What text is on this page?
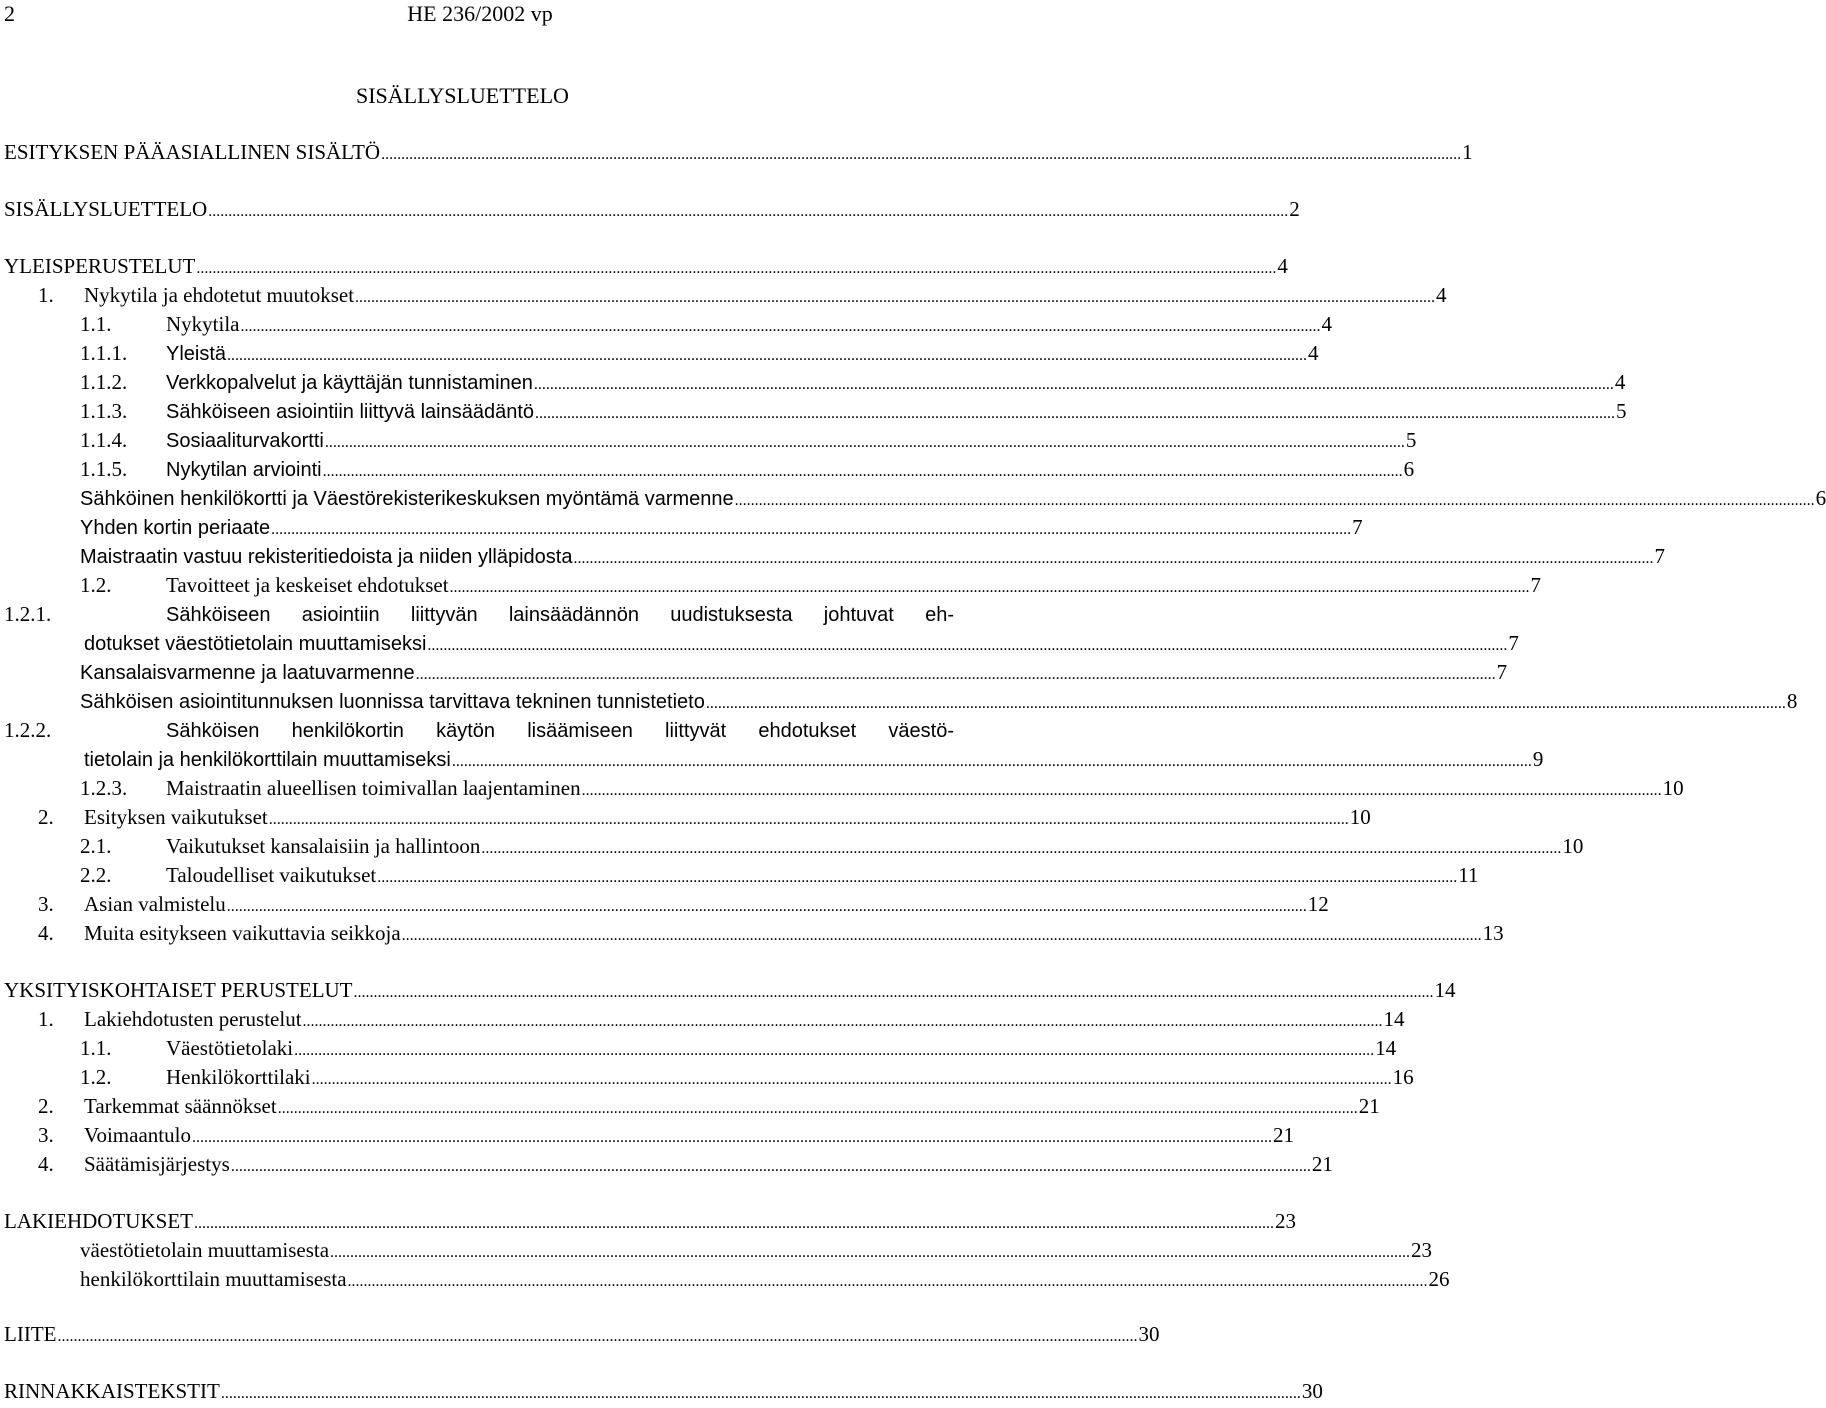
2	HE 236/2002 vp
SISÄLLYSLUETTELO
ESITYKSEN PÄÄASIALLINEN SISÄLTÖ .....	1
SISÄLLYSLUETTELO .....	2
YLEISPERUSTELUT .....	4
1.	Nykytila ja ehdotetut muutokset .....	4
1.1.	Nykytila .....	4
1.1.1.	Yleistä .....	4
1.1.2.	Verkkopalvelut ja käyttäjän tunnistaminen .....	4
1.1.3.	Sähköiseen asiointiin liittyvä lainsäädäntö .....	5
1.1.4.	Sosiaaliturvakortti .....	5
1.1.5.	Nykytilan arviointi .....	6
Sähköinen henkilökortti ja Väestörekisterikeskuksen myöntämä varmenne .....	6
Yhden kortin periaate .....	7
Maistraatin vastuu rekisteritiedoista ja niiden ylläpidosta .....	7
1.2.	Tavoitteet ja keskeiset ehdotukset .....	7
1.2.1.	Sähköiseen asiointiin liittyvän lainsäädännön uudistuksesta johtuvat eh-
dotukset väestötietolain muuttamiseksi .....	7
Kansalaisvarmenne ja laatuvarmenne .....	7
Sähköisen asiointitunnuksen luonnissa tarvittava tekninen tunnistetieto .....	8
1.2.2.	Sähköisen henkilökortin käytön lisäämiseen liittyvät ehdotukset väestö-
tietolain ja henkilökorttilain muuttamiseksi .....	9
1.2.3.	Maistraatin alueellisen toimivallan laajentaminen .....	10
2.	Esityksen vaikutukset .....	10
2.1.	Vaikutukset kansalaisiin ja hallintoon .....	10
2.2.	Taloudelliset vaikutukset .....	11
3.	Asian valmistelu .....	12
4.	Muita esitykseen vaikuttavia seikkoja .....	13
YKSITYISKOHTAISET PERUSTELUT .....	14
1.	Lakiehdotusten perustelut .....	14
1.1.	Väestötietolaki .....	14
1.2.	Henkilökorttilaki .....	16
2.	Tarkemmat säännökset .....	21
3.	Voimaantulo .....	21
4.	Säätämisjärjestys .....	21
LAKIEHDOTUKSET .....	23
väestötietolain muuttamisesta .....	23
henkilökorttilain muuttamisesta .....	26
LIITE .....	30
RINNAKKAISTEKSTIT .....	30
